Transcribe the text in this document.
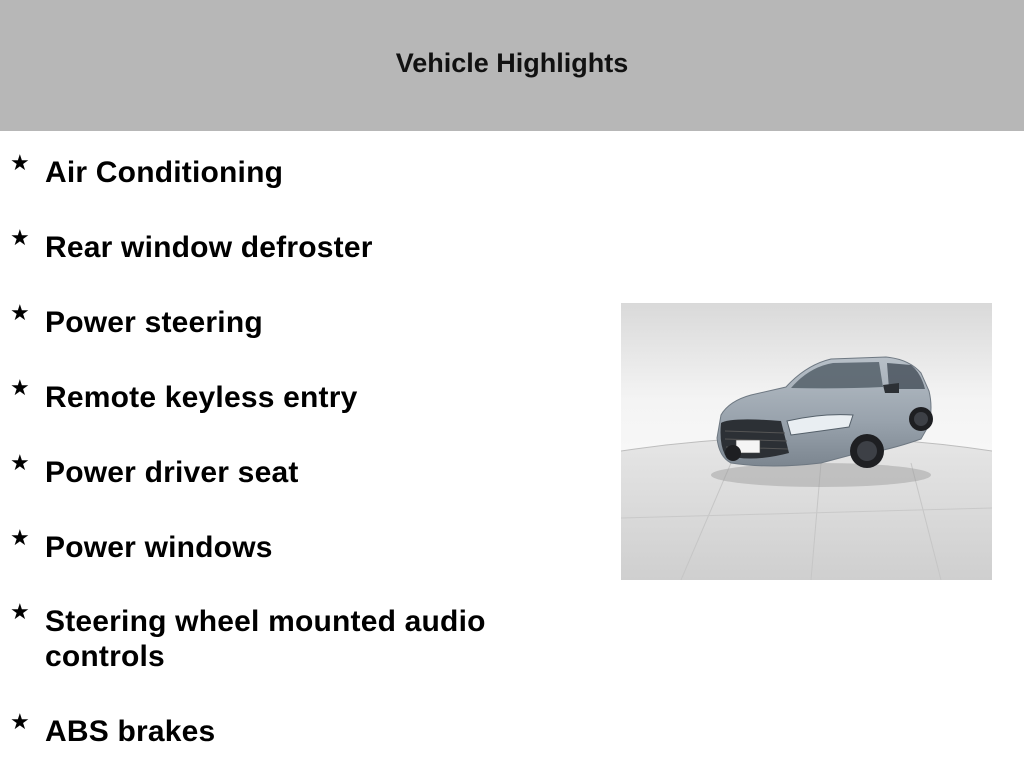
Vehicle Highlights
★ Air Conditioning
★ Rear window defroster
★ Power steering
★ Remote keyless entry
★ Power driver seat
★ Power windows
★ Steering wheel mounted audio controls
★ ABS brakes
